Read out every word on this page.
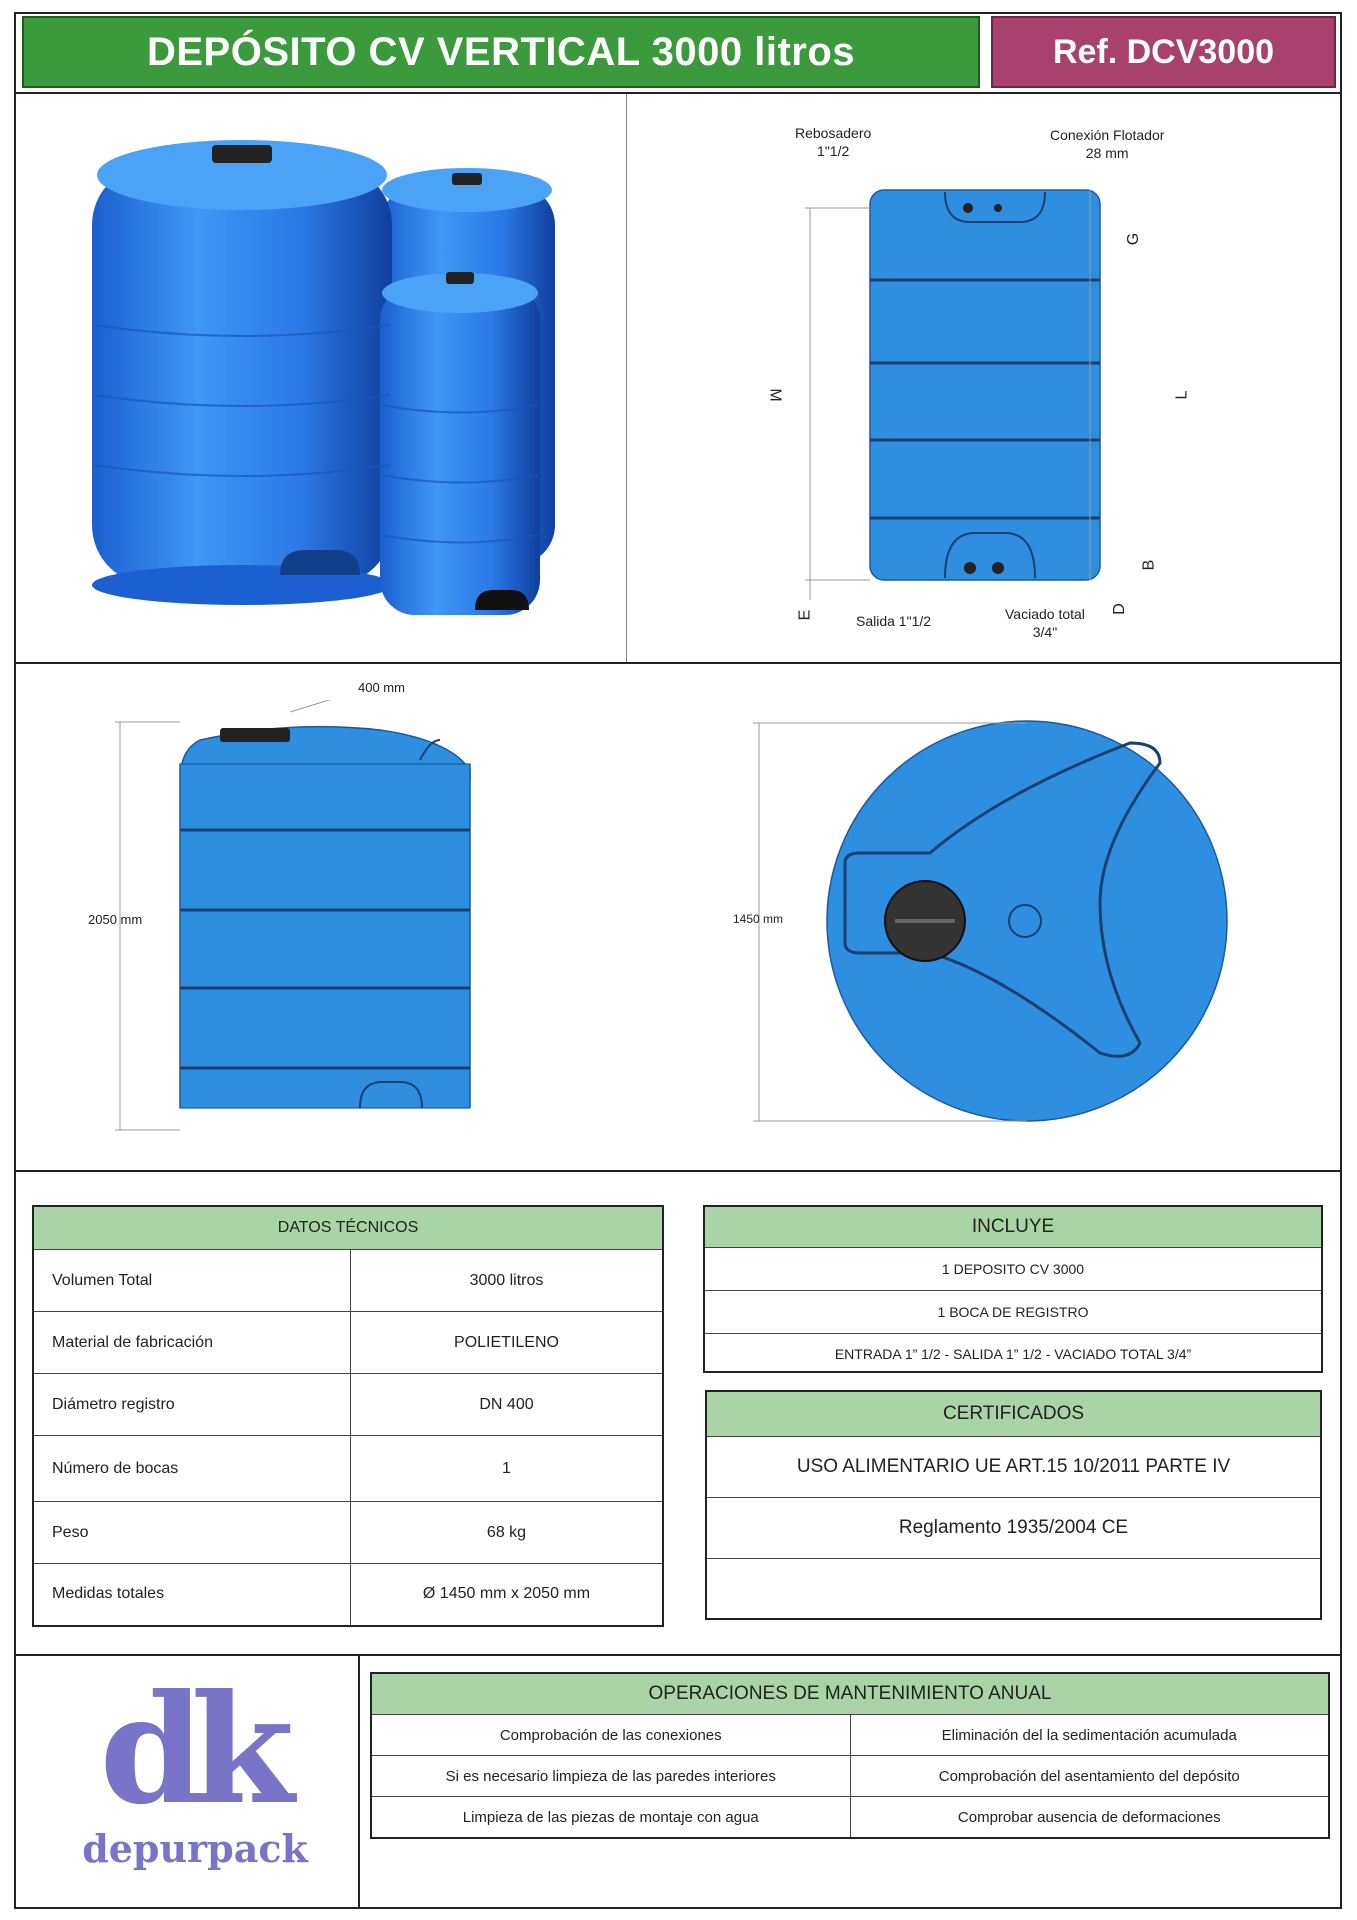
DEPÓSITO CV VERTICAL 3000 litros	Ref. DCV3000
Rebosadero
1"1/2
Conexión Flotador
28 mm
Salida 1"1/2	Vaciado total
3/4"
M	L
G
B
E
D
400 mm
2050 mm	1450 mm
DATOS TÉCNICOS	
Volumen Total	3000 litros
Material de fabricación	POLIETILENO
Diámetro registro	DN 400
Número de bocas	1
Peso	68 kg
Medidas totales	Ø 1450 mm x 2050 mm
INCLUYE
1 DEPOSITO CV 3000
1 BOCA DE REGISTRO
ENTRADA 1” 1/2 - SALIDA 1” 1/2 - VACIADO TOTAL 3/4”
CERTIFICADOS
USO ALIMENTARIO UE ART.15 10/2011 PARTE IV
Reglamento 1935/2004 CE
dk
depurpack
OPERACIONES DE MANTENIMIENTO ANUAL	
Comprobación de las conexiones	Eliminación del la sedimentación acumulada
Si es necesario limpieza de las paredes interiores	Comprobación del asentamiento del depósito
Limpieza de las piezas de montaje con agua	Comprobar ausencia de deformaciones
